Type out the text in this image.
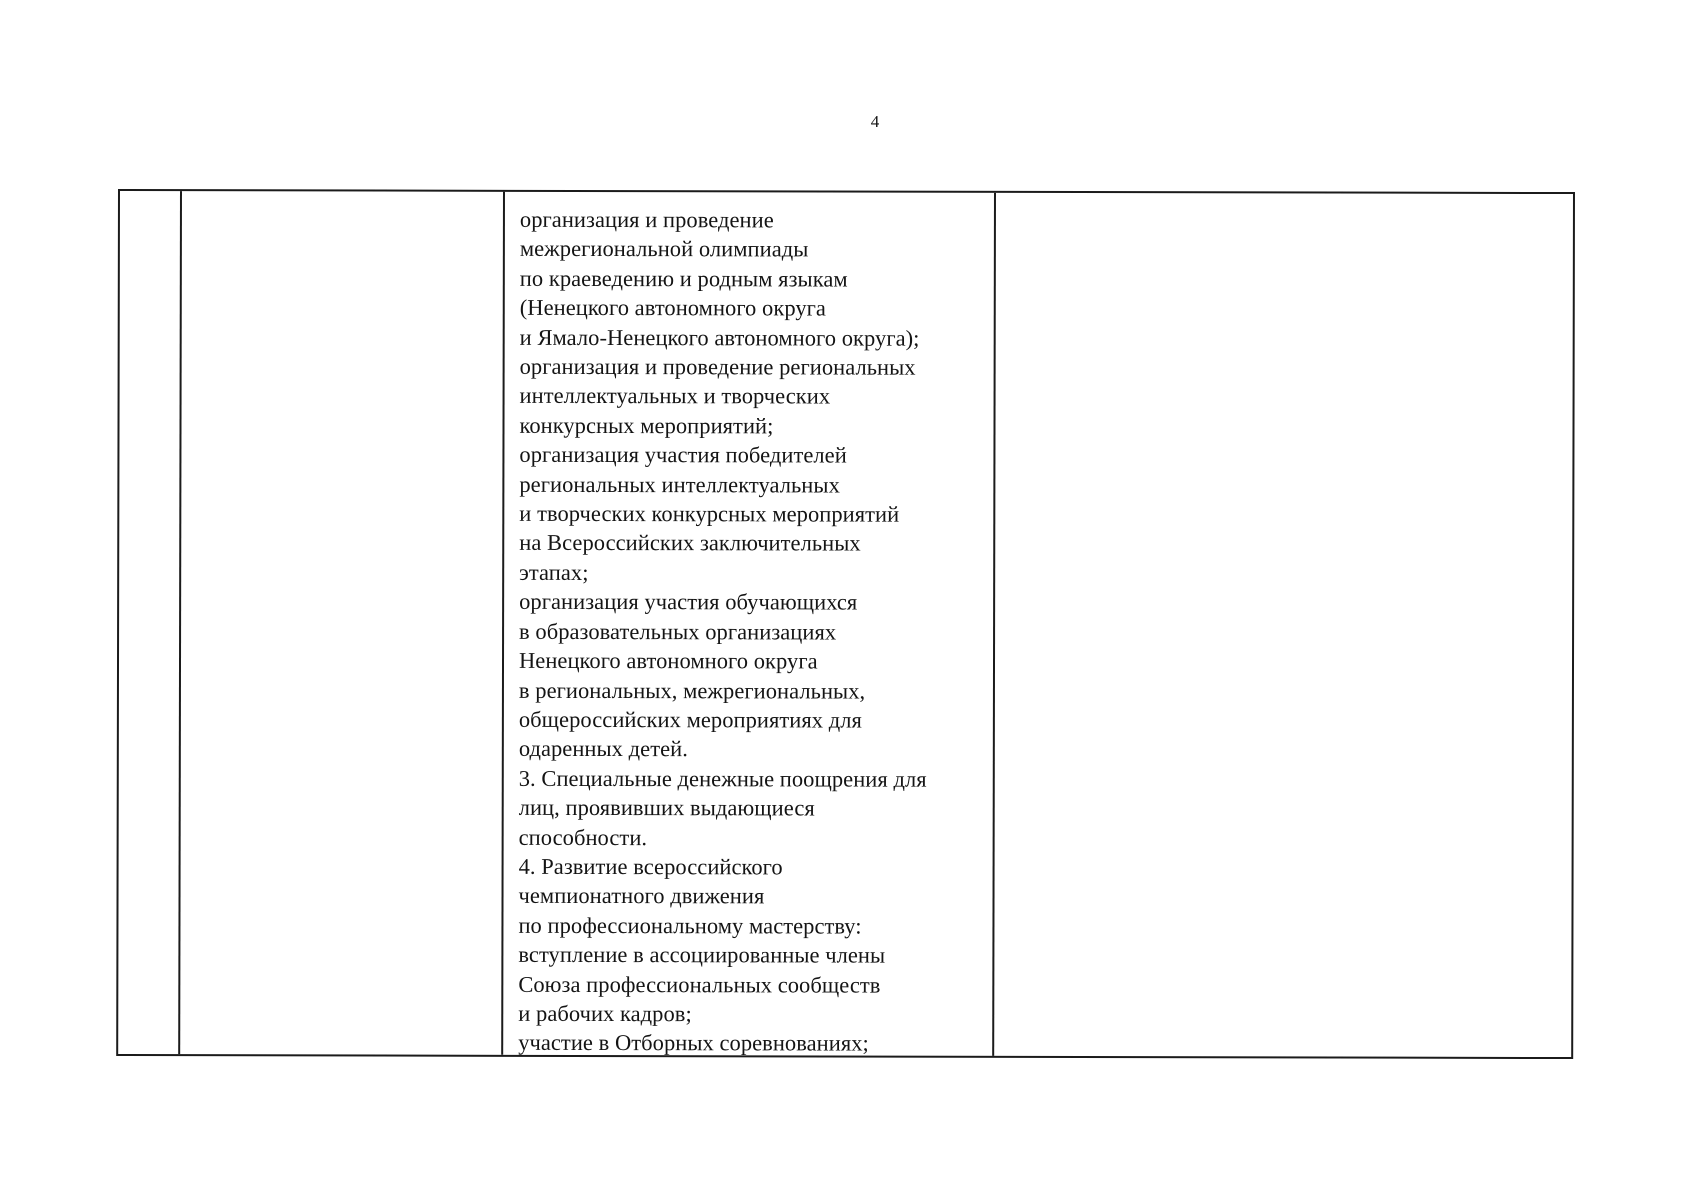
4
организация и проведение
межрегиональной олимпиады
по краеведению и родным языкам
(Ненецкого автономного округа
и Ямало-Ненецкого автономного округа);
организация и проведение региональных
интеллектуальных и творческих
конкурсных мероприятий;
организация участия победителей
региональных интеллектуальных
и творческих конкурсных мероприятий
на Всероссийских заключительных
этапах;
организация участия обучающихся
в образовательных организациях
Ненецкого автономного округа
в региональных, межрегиональных,
общероссийских мероприятиях для
одаренных детей.
3. Специальные денежные поощрения для
лиц, проявивших выдающиеся
способности.
4. Развитие всероссийского
чемпионатного движения
по профессиональному мастерству:
вступление в ассоциированные члены
Союза профессиональных сообществ
и рабочих кадров;
участие в Отборных соревнованиях;
